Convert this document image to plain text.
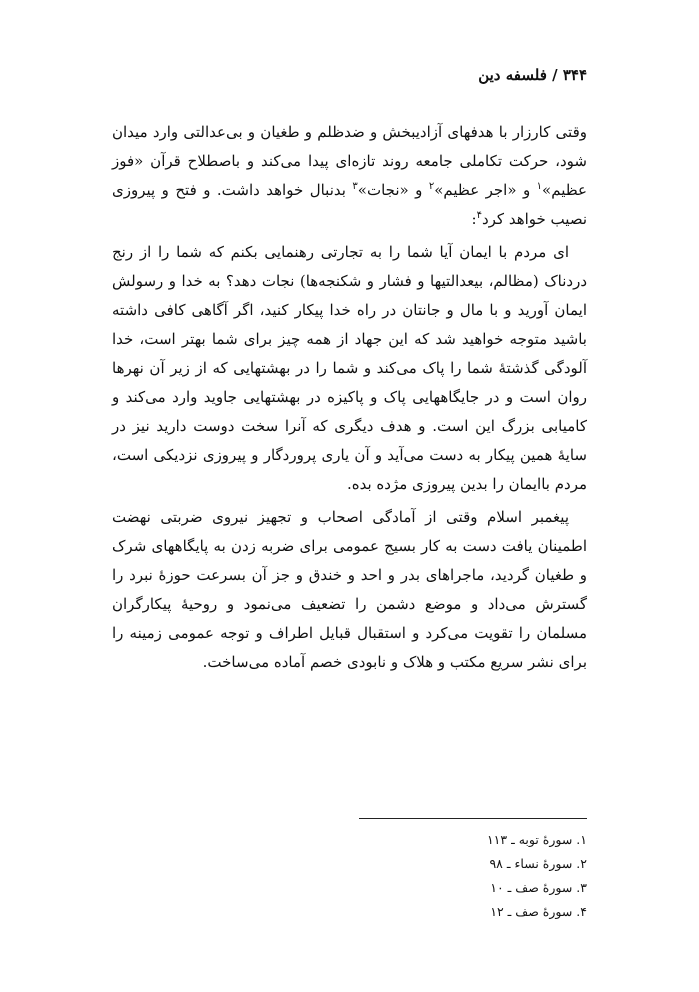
۳۴۴ / فلسفه دین

وقتی کارزار با هدفهای آزادیبخش و ضدظلم و طغیان و بی‌عدالتی وارد میدان شود، حرکت تکاملی جامعه روند تازه‌ای پیدا می‌کند و باصطلاح قرآن «فوز عظیم»$^۱$ و «اجر عظیم»$^۲$ و «نجات»$^۳$ بدنبال خواهد داشت. و فتح و پیروزی نصیب خواهد کرد$^۴$:

ای مردم با ایمان آیا شما را به تجارتی رهنمایی بکنم که شما را از رنج دردناک (مظالم، بیعدالتیها و فشار و شکنجه‌ها) نجات دهد؟ به خدا و رسولش ایمان آورید و با مال و جانتان در راه خدا پیکار کنید، اگر آگاهی کافی داشته باشید متوجه خواهید شد که این جهاد از همه چیز برای شما بهتر است، خدا آلودگی گذشتهٔ شما را پاک می‌کند و شما را در بهشتهایی که از زیر آن نهرها روان است و در جایگاههایی پاک و پاکیزه در بهشتهایی جاوید وارد می‌کند و کامیابی بزرگ این است. و هدف دیگری که آنرا سخت دوست دارید نیز در سایهٔ همین پیکار به دست می‌آید و آن یاری پروردگار و پیروزی نزدیکی است، مردم باایمان را بدین پیروزی مژده بده.

پیغمبر اسلام وقتی از آمادگی اصحاب و تجهیز نیروی ضربتی نهضت اطمینان یافت دست به کار بسیج عمومی برای ضربه زدن به پایگاههای شرک و طغیان گردید، ماجراهای بدر و احد و خندق و جز آن بسرعت حوزهٔ نبرد را گسترش می‌داد و موضع دشمن را تضعیف می‌نمود و روحیهٔ پیکارگران مسلمان را تقویت می‌کرد و استقبال قبایل اطراف و توجه عمومی زمینه را برای نشر سریع مکتب و هلاک و نابودی خصم آماده می‌ساخت.

۱. سورهٔ توبه ـ ۱۱۳
۲. سورهٔ نساء ـ ۹۸
۳. سورهٔ صف ـ ۱۰
۴. سورهٔ صف ـ ۱۲
